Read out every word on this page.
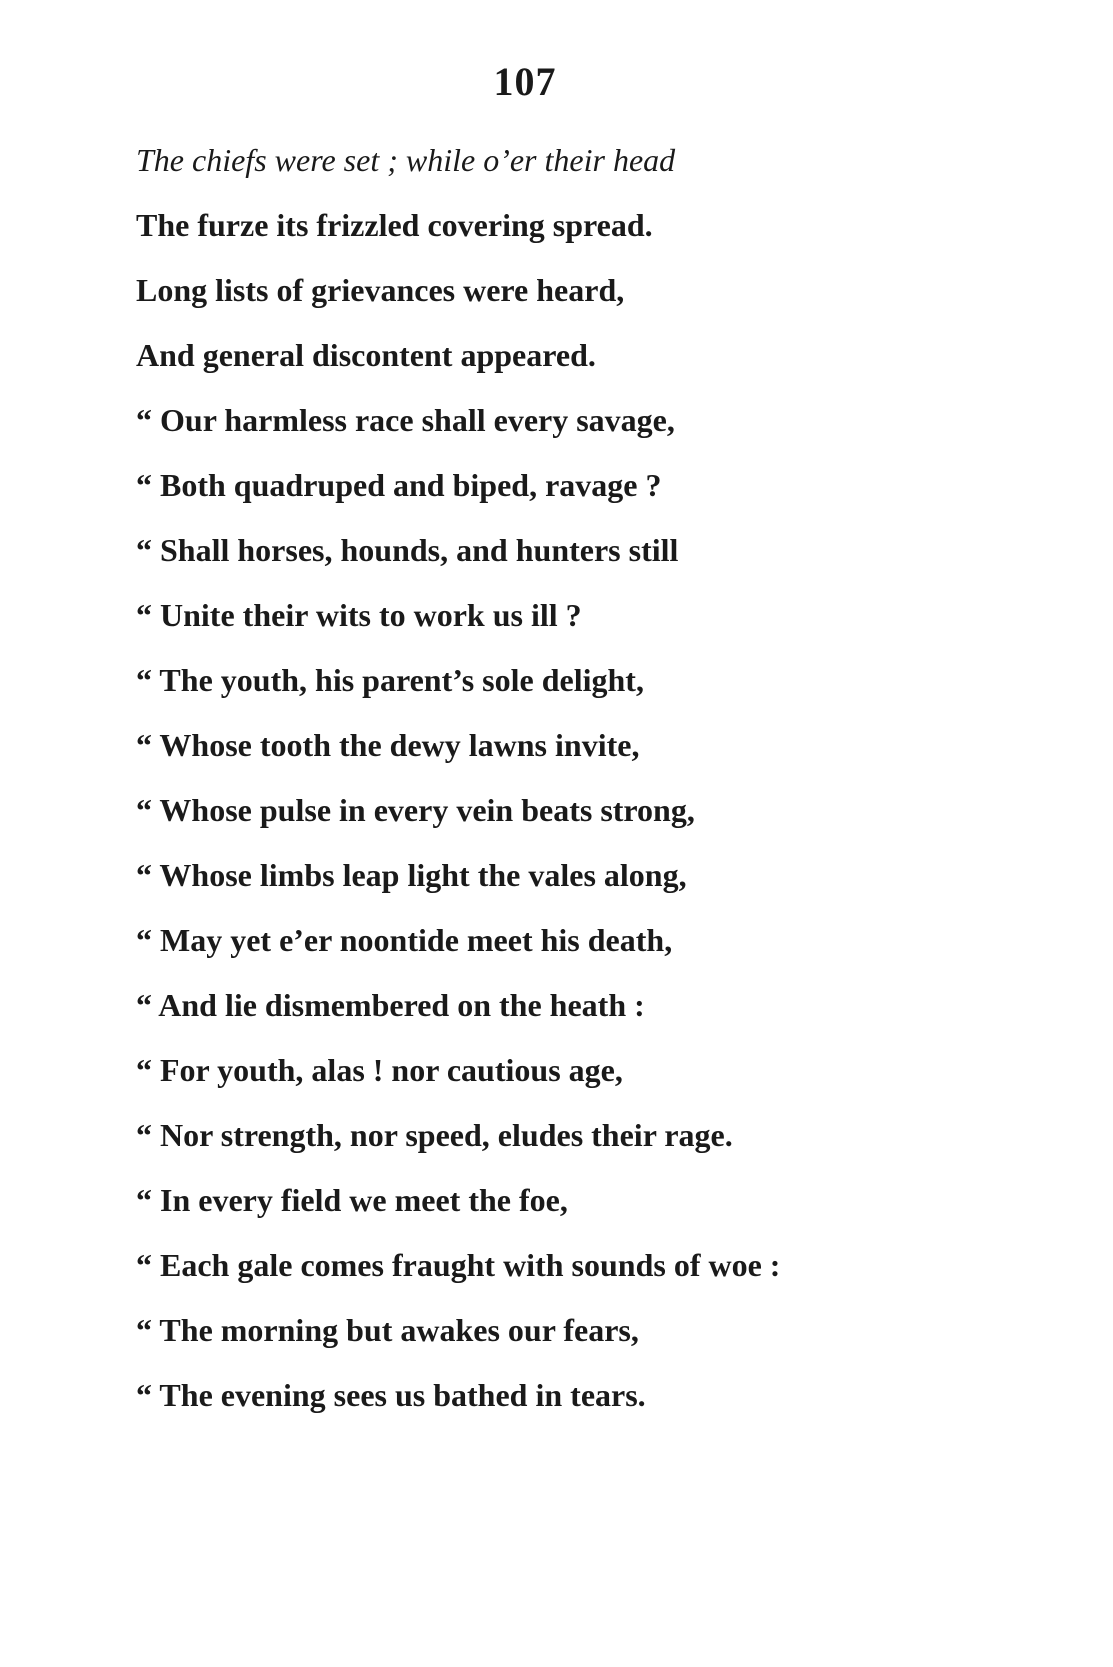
107
The chiefs were set ; while o’er their head
The furze its frizzled covering spread.
Long lists of grievances were heard,
And general discontent appeared.
“ Our harmless race shall every savage,
“ Both quadruped and biped, ravage ?
“ Shall horses, hounds, and hunters still
“ Unite their wits to work us ill ?
“ The youth, his parent’s sole delight,
“ Whose tooth the dewy lawns invite,
“ Whose pulse in every vein beats strong,
“ Whose limbs leap light the vales along,
“ May yet e’er noontide meet his death,
“ And lie dismembered on the heath :
“ For youth, alas ! nor cautious age,
“ Nor strength, nor speed, eludes their rage.
“ In every field we meet the foe,
“ Each gale comes fraught with sounds of woe :
“ The morning but awakes our fears,
“ The evening sees us bathed in tears.
